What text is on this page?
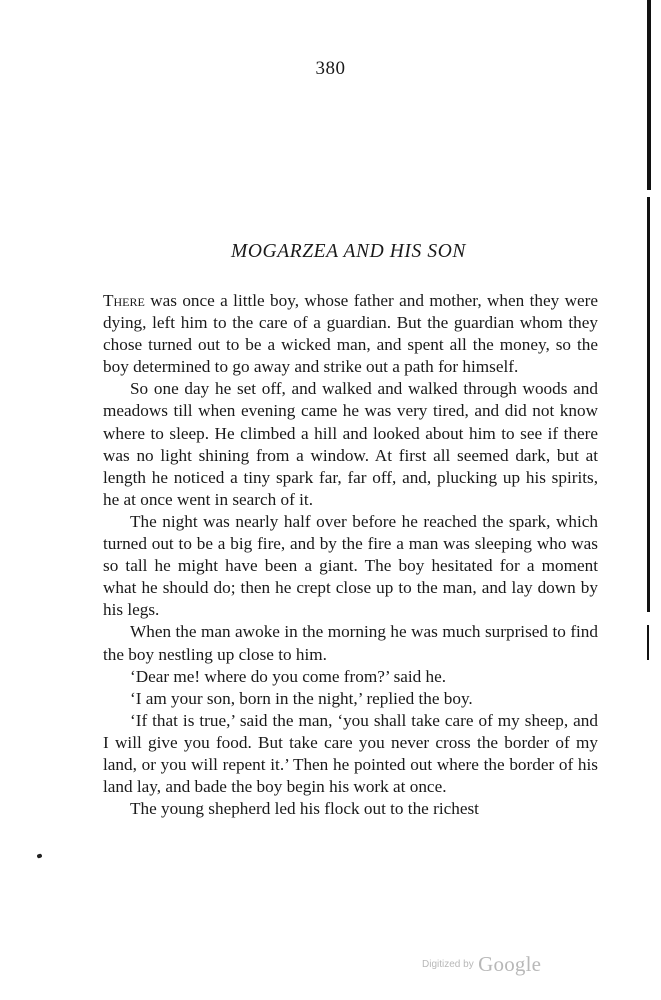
380
MOGARZEA AND HIS SON

There was once a little boy, whose father and mother, when they were dying, left him to the care of a guardian. But the guardian whom they chose turned out to be a wicked man, and spent all the money, so the boy determined to go away and strike out a path for himself.

So one day he set off, and walked and walked through woods and meadows till when evening came he was very tired, and did not know where to sleep. He climbed a hill and looked about him to see if there was no light shining from a window. At first all seemed dark, but at length he noticed a tiny spark far, far off, and, plucking up his spirits, he at once went in search of it.

The night was nearly half over before he reached the spark, which turned out to be a big fire, and by the fire a man was sleeping who was so tall he might have been a giant. The boy hesitated for a moment what he should do; then he crept close up to the man, and lay down by his legs.

When the man awoke in the morning he was much surprised to find the boy nestling up close to him.

‘Dear me! where do you come from?’ said he.

‘I am your son, born in the night,’ replied the boy.

‘If that is true,’ said the man, ‘you shall take care of my sheep, and I will give you food. But take care you never cross the border of my land, or you will repent it.’ Then he pointed out where the border of his land lay, and bade the boy begin his work at once.

The young shepherd led his flock out to the richest

Digitized by Google
